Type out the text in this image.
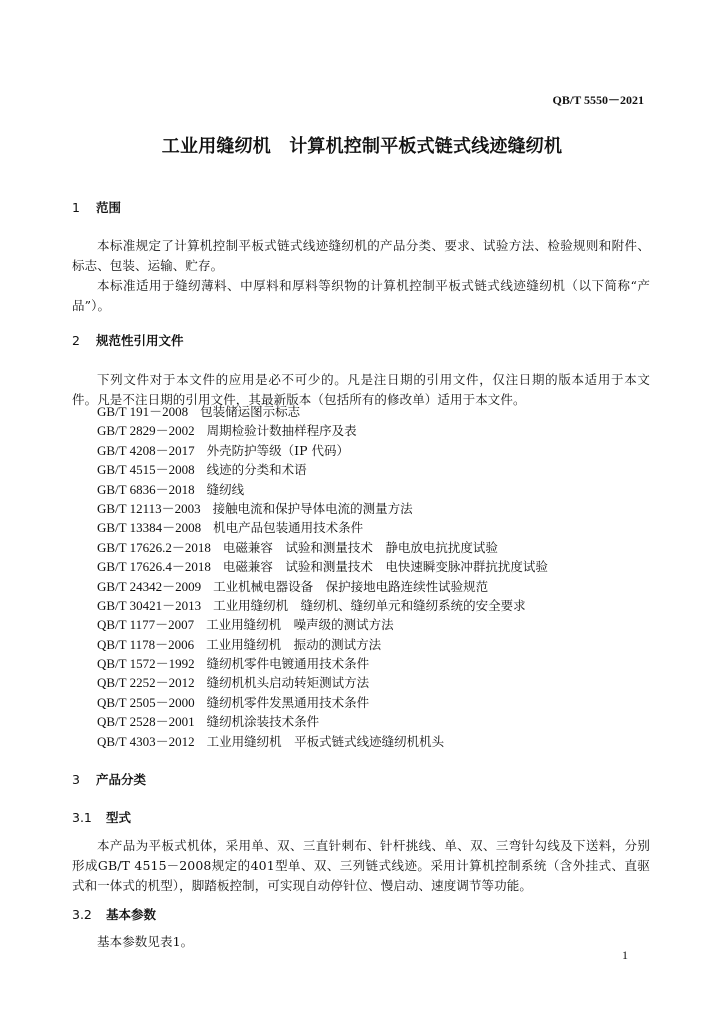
QB/T 5550－2021
工业用缝纫机　计算机控制平板式链式线迹缝纫机
1 范围
本标准规定了计算机控制平板式链式线迹缝纫机的产品分类、要求、试验方法、检验规则和附件、标志、包装、运输、贮存。
本标准适用于缝纫薄料、中厚料和厚料等织物的计算机控制平板式链式线迹缝纫机（以下简称“产品”）。
2 规范性引用文件
下列文件对于本文件的应用是必不可少的。凡是注日期的引用文件，仅注日期的版本适用于本文件。凡是不注日期的引用文件，其最新版本（包括所有的修改单）适用于本文件。
GB/T 191－2008 包装储运图示标志
GB/T 2829－2002 周期检验计数抽样程序及表
GB/T 4208－2017 外壳防护等级（IP 代码）
GB/T 4515－2008 线迹的分类和术语
GB/T 6836－2018 缝纫线
GB/T 12113－2003 接触电流和保护导体电流的测量方法
GB/T 13384－2008 机电产品包装通用技术条件
GB/T 17626.2－2018 电磁兼容　试验和测量技术　静电放电抗扰度试验
GB/T 17626.4－2018 电磁兼容　试验和测量技术　电快速瞬变脉冲群抗扰度试验
GB/T 24342－2009 工业机械电器设备　保护接地电路连续性试验规范
GB/T 30421－2013 工业用缝纫机　缝纫机、缝纫单元和缝纫系统的安全要求
QB/T 1177－2007 工业用缝纫机　噪声级的测试方法
QB/T 1178－2006 工业用缝纫机　振动的测试方法
QB/T 1572－1992 缝纫机零件电镀通用技术条件
QB/T 2252－2012 缝纫机机头启动转矩测试方法
QB/T 2505－2000 缝纫机零件发黑通用技术条件
QB/T 2528－2001 缝纫机涂装技术条件
QB/T 4303－2012 工业用缝纫机　平板式链式线迹缝纫机机头
3 产品分类
3.1 型式
本产品为平板式机体，采用单、双、三直针刺布、针杆挑线、单、双、三弯针勾线及下送料，分别形成GB/T 4515－2008规定的401型单、双、三列链式线迹。采用计算机控制系统（含外挂式、直驱式和一体式的机型），脚踏板控制，可实现自动停针位、慢启动、速度调节等功能。
3.2 基本参数
基本参数见表1。
1
